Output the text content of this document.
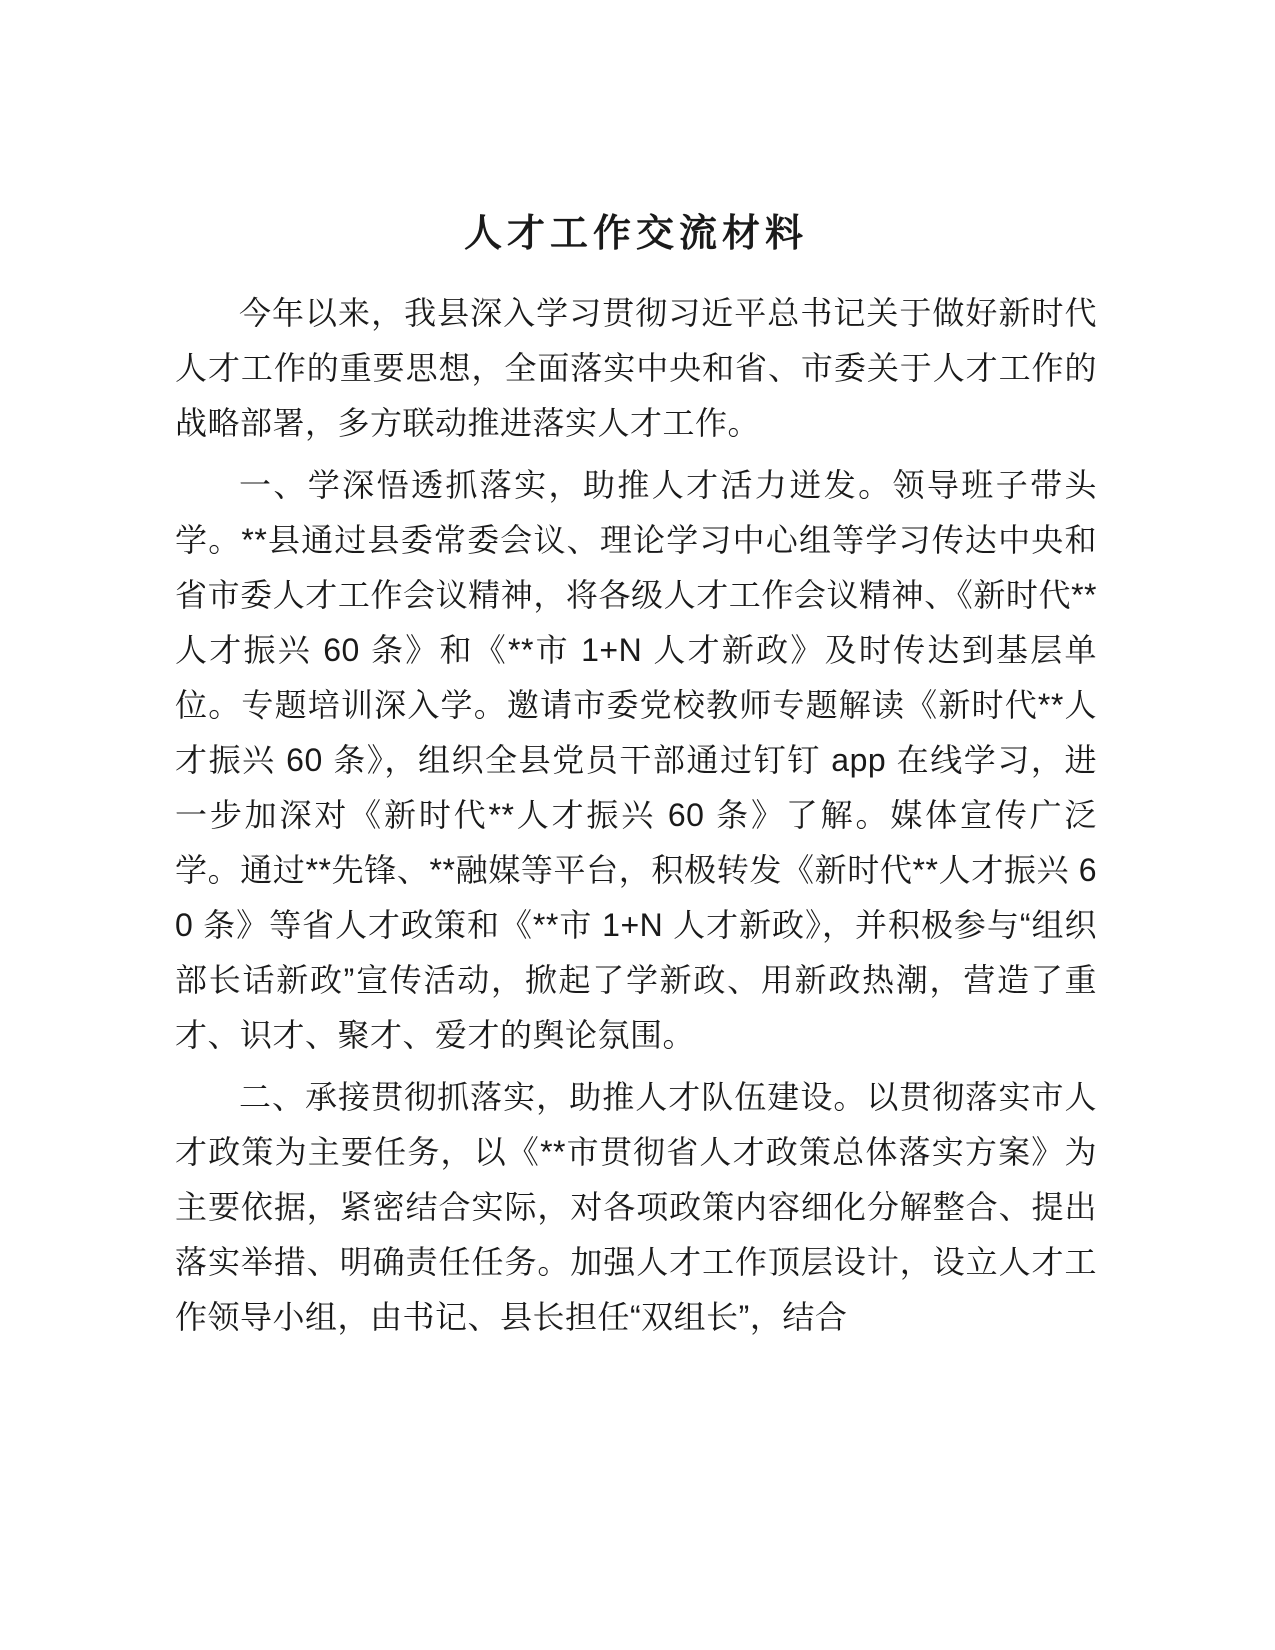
人才工作交流材料

今年以来，我县深入学习贯彻习近平总书记关于做好新时代人才工作的重要思想，全面落实中央和省、市委关于人才工作的战略部署，多方联动推进落实人才工作。

一、学深悟透抓落实，助推人才活力迸发。领导班子带头学。**县通过县委常委会议、理论学习中心组等学习传达中央和省市委人才工作会议精神，将各级人才工作会议精神、《新时代**人才振兴 60 条》和《**市 1+N 人才新政》及时传达到基层单位。专题培训深入学。邀请市委党校教师专题解读《新时代**人才振兴 60 条》，组织全县党员干部通过钉钉 app 在线学习，进一步加深对《新时代**人才振兴 60 条》了解。媒体宣传广泛学。通过**先锋、**融媒等平台，积极转发《新时代**人才振兴 60 条》等省人才政策和《**市 1+N 人才新政》，并积极参与“组织部长话新政”宣传活动，掀起了学新政、用新政热潮，营造了重才、识才、聚才、爱才的舆论氛围。

二、承接贯彻抓落实，助推人才队伍建设。以贯彻落实市人才政策为主要任务，以《**市贯彻省人才政策总体落实方案》为主要依据，紧密结合实际，对各项政策内容细化分解整合、提出落实举措、明确责任任务。加强人才工作顶层设计，设立人才工作领导小组，由书记、县长担任“双组长”，结合
